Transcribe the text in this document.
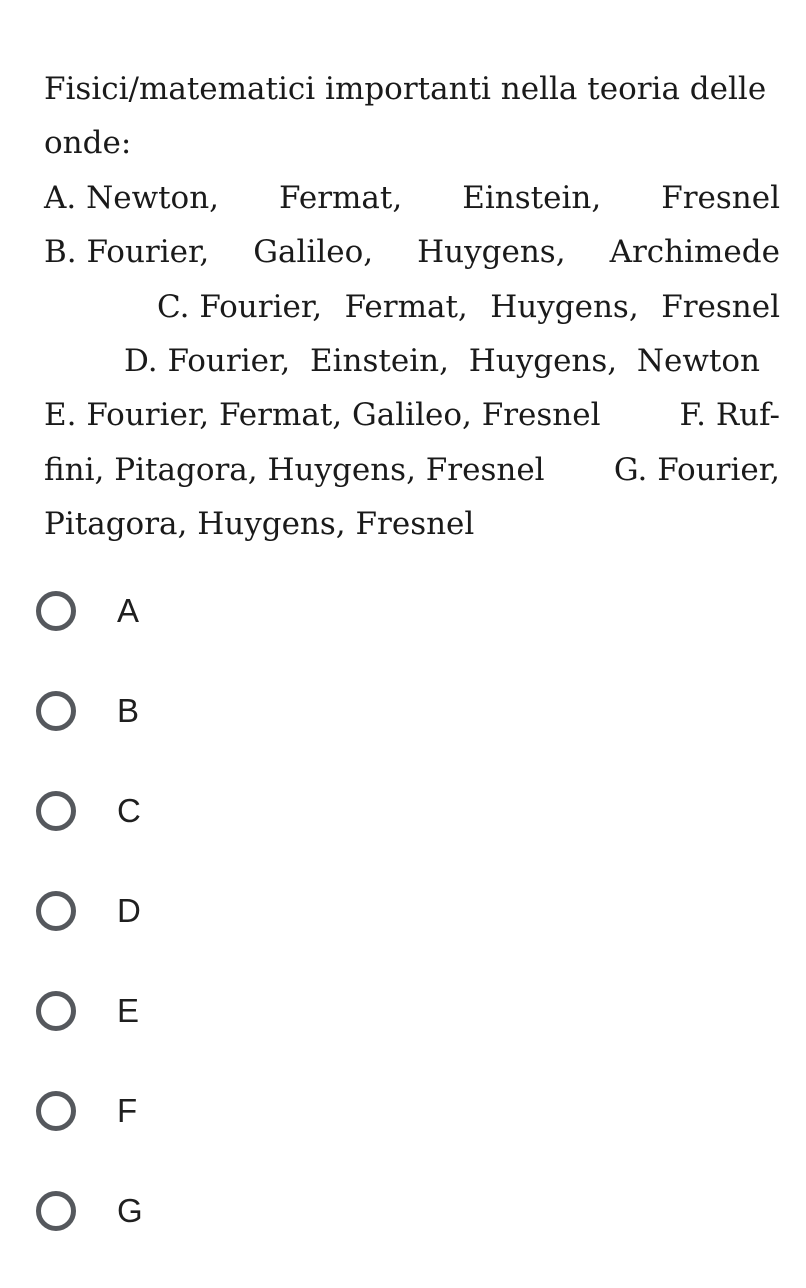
Fisici/matematici importanti nella teoria delle
onde:
A. Newton, Fermat, Einstein, Fresnel
B. Fourier, Galileo, Huygens, Archimede
C. Fourier, Fermat, Huygens, Fresnel
D. Fourier, Einstein, Huygens, Newton
E. Fourier, Fermat, Galileo, Fresnel	F. Ruf-
fini, Pitagora, Huygens, Fresnel G. Fourier,
Pitagora, Huygens, Fresnel
A
B
C
D
E
F
G
